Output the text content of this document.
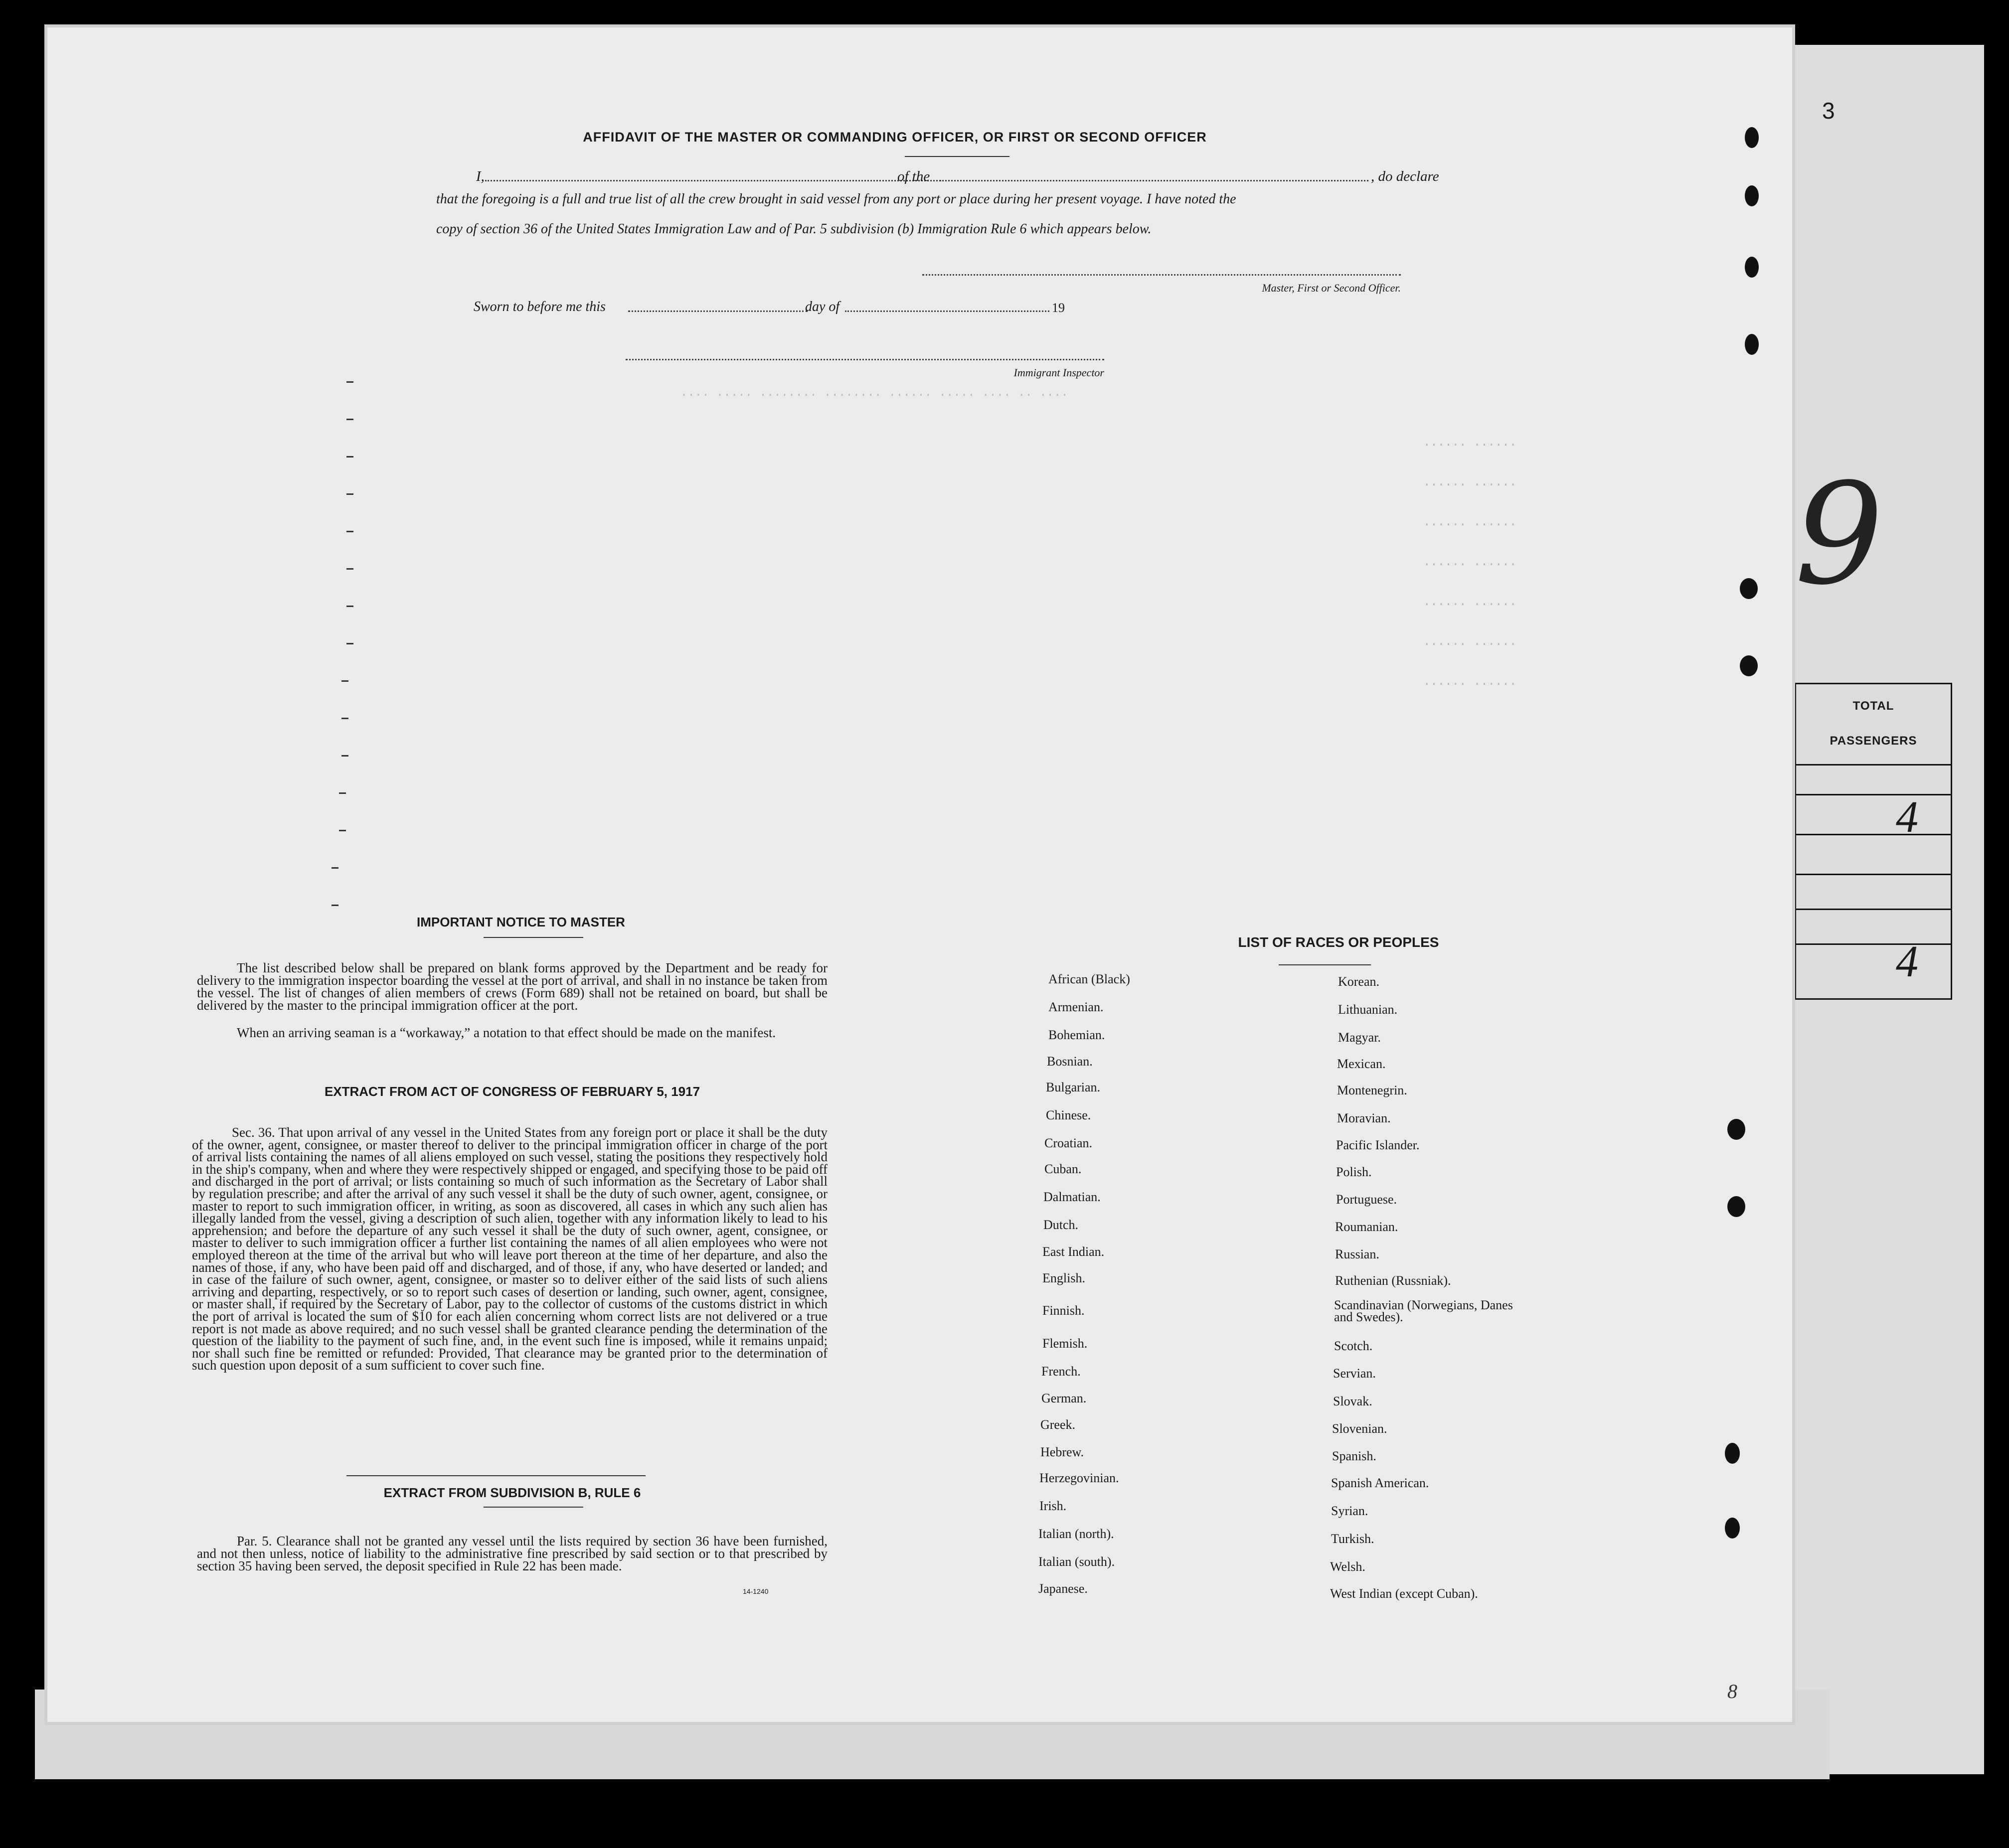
3
9
TOTAL
PASSENGERS
4
4
.... ..... ........ ........ ...... ..... .... .. ....
...... ......
...... ......
...... ......
...... ......
...... ......
...... ......
...... ......
AFFIDAVIT OF THE MASTER OR COMMANDING OFFICER, OR FIRST OR SECOND OFFICER
I,	of the	, do declare
that the foregoing is a full and true list of all the crew brought in said vessel from any port or place during her present voyage. I have noted the
copy of section 36 of the United States Immigration Law and of Par. 5 subdivision (b) Immigration Rule 6 which appears below.
Master, First or Second Officer.
Sworn to before me this	day of	19
Immigrant Inspector
IMPORTANT NOTICE TO MASTER
The list described below shall be prepared on blank forms approved by the Department and be ready for delivery to the immigration inspector boarding the vessel at the port of arrival, and shall in no instance be taken from the vessel. The list of changes of alien members of crews (Form 689) shall not be retained on board, but shall be delivered by the master to the principal immigration officer at the port.
When an arriving seaman is a “workaway,” a notation to that effect should be made on the manifest.
EXTRACT FROM ACT OF CONGRESS OF FEBRUARY 5, 1917
Sec. 36. That upon arrival of any vessel in the United States from any foreign port or place it shall be the duty of the owner, agent, consignee, or master thereof to deliver to the principal immigration officer in charge of the port of arrival lists containing the names of all aliens employed on such vessel, stating the positions they respectively hold in the ship's company, when and where they were respectively shipped or engaged, and specifying those to be paid off and discharged in the port of arrival; or lists containing so much of such information as the Secretary of Labor shall by regulation prescribe; and after the arrival of any such vessel it shall be the duty of such owner, agent, consignee, or master to report to such immigration officer, in writing, as soon as discovered, all cases in which any such alien has illegally landed from the vessel, giving a description of such alien, together with any information likely to lead to his apprehension; and before the departure of any such vessel it shall be the duty of such owner, agent, consignee, or master to deliver to such immigration officer a further list containing the names of all alien employees who were not employed thereon at the time of the arrival but who will leave port thereon at the time of her departure, and also the names of those, if any, who have been paid off and discharged, and of those, if any, who have deserted or landed; and in case of the failure of such owner, agent, consignee, or master so to deliver either of the said lists of such aliens arriving and departing, respectively, or so to report such cases of desertion or landing, such owner, agent, consignee, or master shall, if required by the Secretary of Labor, pay to the collector of customs of the customs district in which the port of arrival is located the sum of $10 for each alien concerning whom correct lists are not delivered or a true report is not made as above required; and no such vessel shall be granted clearance pending the determination of the question of the liability to the payment of such fine, and, in the event such fine is imposed, while it remains unpaid; nor shall such fine be remitted or refunded: Provided, That clearance may be granted prior to the determination of such question upon deposit of a sum sufficient to cover such fine.
EXTRACT FROM SUBDIVISION B, RULE 6
Par. 5. Clearance shall not be granted any vessel until the lists required by section 36 have been furnished, and not then unless, notice of liability to the administrative fine prescribed by said section or to that prescribed by section 35 having been served, the deposit specified in Rule 22 has been made.
14-1240
LIST OF RACES OR PEOPLES
African (Black)
Armenian.
Bohemian.
Bosnian.
Bulgarian.
Chinese.
Croatian.
Cuban.
Dalmatian.
Dutch.
East Indian.
English.
Finnish.
Flemish.
French.
German.
Greek.
Hebrew.
Herzegovinian.
Irish.
Italian (north).
Italian (south).
Japanese.
Korean.
Lithuanian.
Magyar.
Mexican.
Montenegrin.
Moravian.
Pacific Islander.
Polish.
Portuguese.
Roumanian.
Russian.
Ruthenian (Russniak).
Scandinavian (Norwegians, Danes and Swedes).
Scotch.
Servian.
Slovak.
Slovenian.
Spanish.
Spanish American.
Syrian.
Turkish.
Welsh.
West Indian (except Cuban).
8
